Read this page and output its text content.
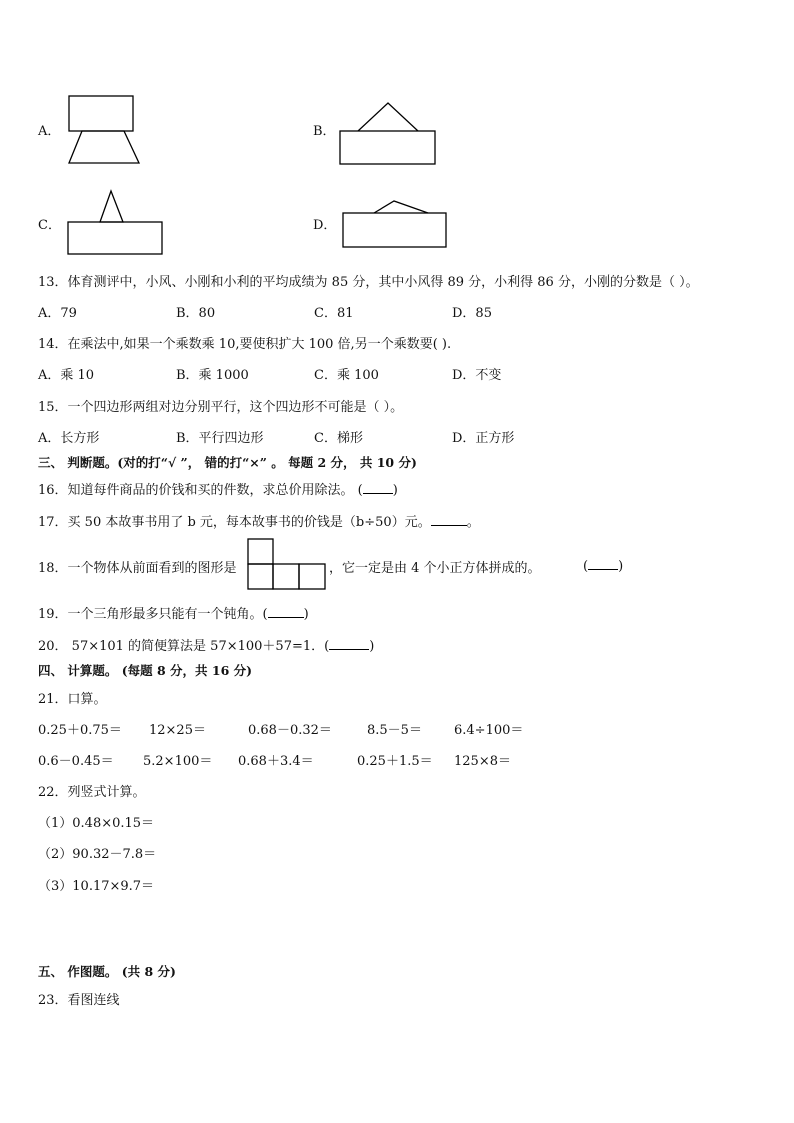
A．	B．
C．	D．
13．体育测评中，小风、小刚和小利的平均成绩为 85 分，其中小风得 89 分，小利得 86 分，小刚的分数是（ ）。
A．79	B．80	C．81	D．85
14．在乘法中,如果一个乘数乘 10,要使积扩大 100 倍,另一个乘数要( ).
A．乘 10	B．乘 1000	C．乘 100	D．不变
15．一个四边形两组对边分别平行，这个四边形不可能是（ ）。
A．长方形	B．平行四边形	C．梯形	D．正方形
三、 判断题。(对的打“√ ”， 错的打“×” 。 每题 2 分， 共 10 分)
16．知道每件商品的价钱和买的件数，求总价用除法。 ( )
17．买 50 本故事书用了 b 元，每本故事书的价钱是（b÷50）元。	。
18．一个物体从前面看到的图形是	，它一定是由 4 个小正方体拼成的。	( )
19．一个三角形最多只能有一个钝角。(	)
20． 57×101 的简便算法是 57×100＋57=1．(	)
四、 计算题。 (每题 8 分，共 16 分)
21．口算。
0.25＋0.75＝ 12×25＝	0.68－0.32＝	8.5－5＝ 6.4÷100＝
0.6－0.45＝ 5.2×100＝ 0.68＋3.4＝	0.25＋1.5＝ 125×8＝
22．列竖式计算。
（1）0.48×0.15＝
（2）90.32－7.8＝
（3）10.17×9.7＝
五、 作图题。 (共 8 分)
23．看图连线
